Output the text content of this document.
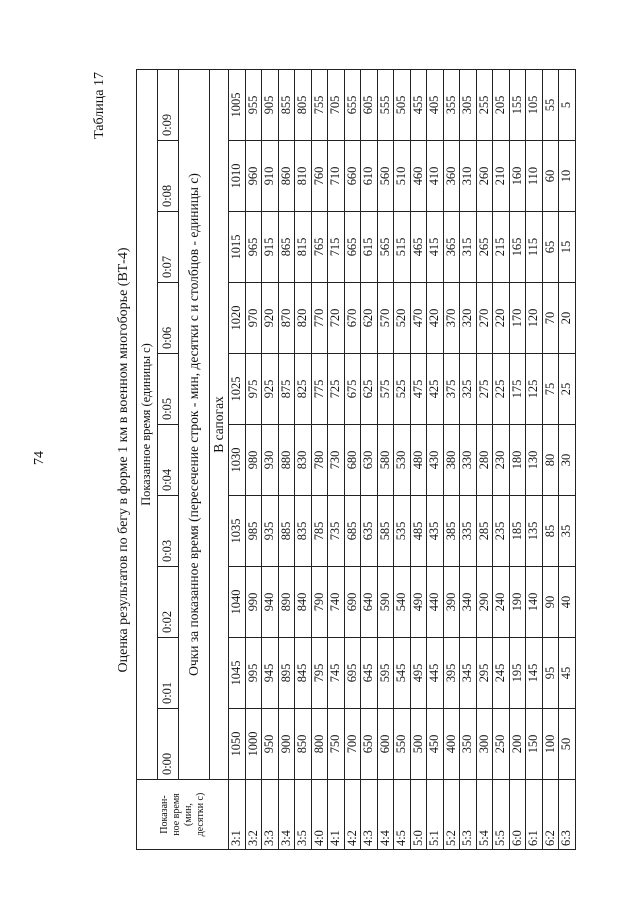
74
Таблица 17
Оценка результатов по бегу в форме 1 км в военном многоборье (ВТ-4)
Показан- ное время (мин, десятки с)	Показанное время (единицы с)									
	0:00	0:01	0:02	0:03	0:04	0:05	0:06	0:07	0:08	0:09
	Очки за показанное время (пересечение строк - мин, десятки с и столбцов - единицы с)									
	В сапогах									
3:1	1050	1045	1040	1035	1030	1025	1020	1015	1010	1005
3:2	1000	995	990	985	980	975	970	965	960	955
3:3	950	945	940	935	930	925	920	915	910	905
3:4	900	895	890	885	880	875	870	865	860	855
3:5	850	845	840	835	830	825	820	815	810	805
4:0	800	795	790	785	780	775	770	765	760	755
4:1	750	745	740	735	730	725	720	715	710	705
4:2	700	695	690	685	680	675	670	665	660	655
4:3	650	645	640	635	630	625	620	615	610	605
4:4	600	595	590	585	580	575	570	565	560	555
4:5	550	545	540	535	530	525	520	515	510	505
5:0	500	495	490	485	480	475	470	465	460	455
5:1	450	445	440	435	430	425	420	415	410	405
5:2	400	395	390	385	380	375	370	365	360	355
5:3	350	345	340	335	330	325	320	315	310	305
5:4	300	295	290	285	280	275	270	265	260	255
5:5	250	245	240	235	230	225	220	215	210	205
6:0	200	195	190	185	180	175	170	165	160	155
6:1	150	145	140	135	130	125	120	115	110	105
6:2	100	95	90	85	80	75	70	65	60	55
6:3	50	45	40	35	30	25	20	15	10	5
